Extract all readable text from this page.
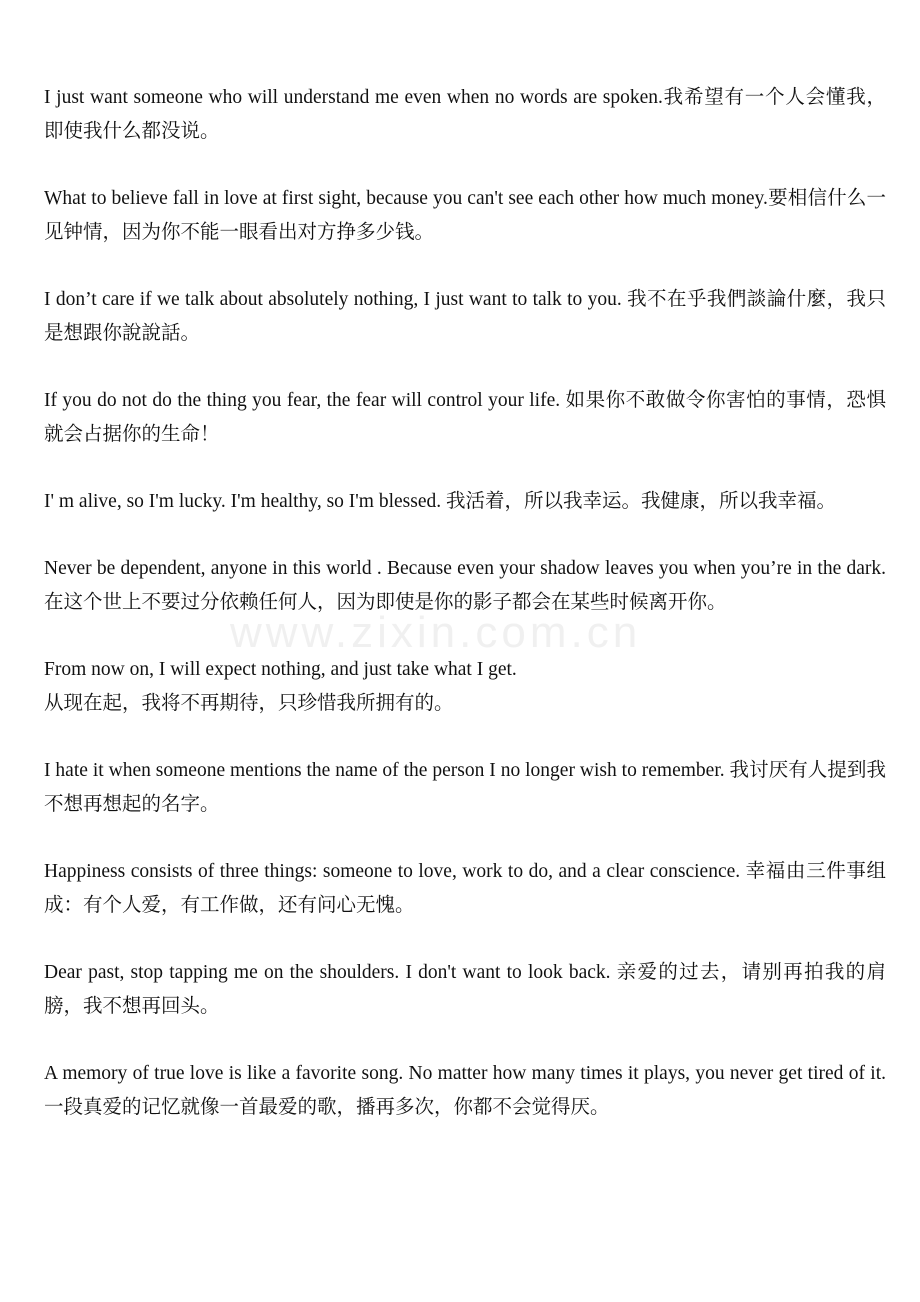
www.zixin.com.cn

I just want someone who will understand me even when no words are spoken.我希望有一个人会懂我，即使我什么都没说。

What to believe fall in love at first sight, because you can't see each other how much money.要相信什么一见钟情，因为你不能一眼看出对方挣多少钱。

I don’t care if we talk about absolutely nothing, I just want to talk to you. 我不在乎我們談論什麼，我只是想跟你說說話。

If you do not do the thing you fear, the fear will control your life. 如果你不敢做令你害怕的事情，恐惧就会占据你的生命！

I' m alive, so I'm lucky. I'm healthy, so I'm blessed. 我活着，所以我幸运。我健康，所以我幸福。

Never be dependent, anyone in this world . Because even your shadow leaves you when you’re in the dark.在这个世上不要过分依赖任何人，因为即使是你的影子都会在某些时候离开你。

From now on, I will expect nothing, and just take what I get.
从现在起，我将不再期待，只珍惜我所拥有的。

I hate it when someone mentions the name of the person I no longer wish to remember. 我讨厌有人提到我不想再想起的名字。

Happiness consists of three things: someone to love, work to do, and a clear conscience. 幸福由三件事组成：有个人爱，有工作做，还有问心无愧。

Dear past, stop tapping me on the shoulders. I don't want to look back. 亲爱的过去，请别再拍我的肩膀，我不想再回头。

A memory of true love is like a favorite song. No matter how many times it plays, you never get tired of it. 一段真爱的记忆就像一首最爱的歌，播再多次，你都不会觉得厌。
